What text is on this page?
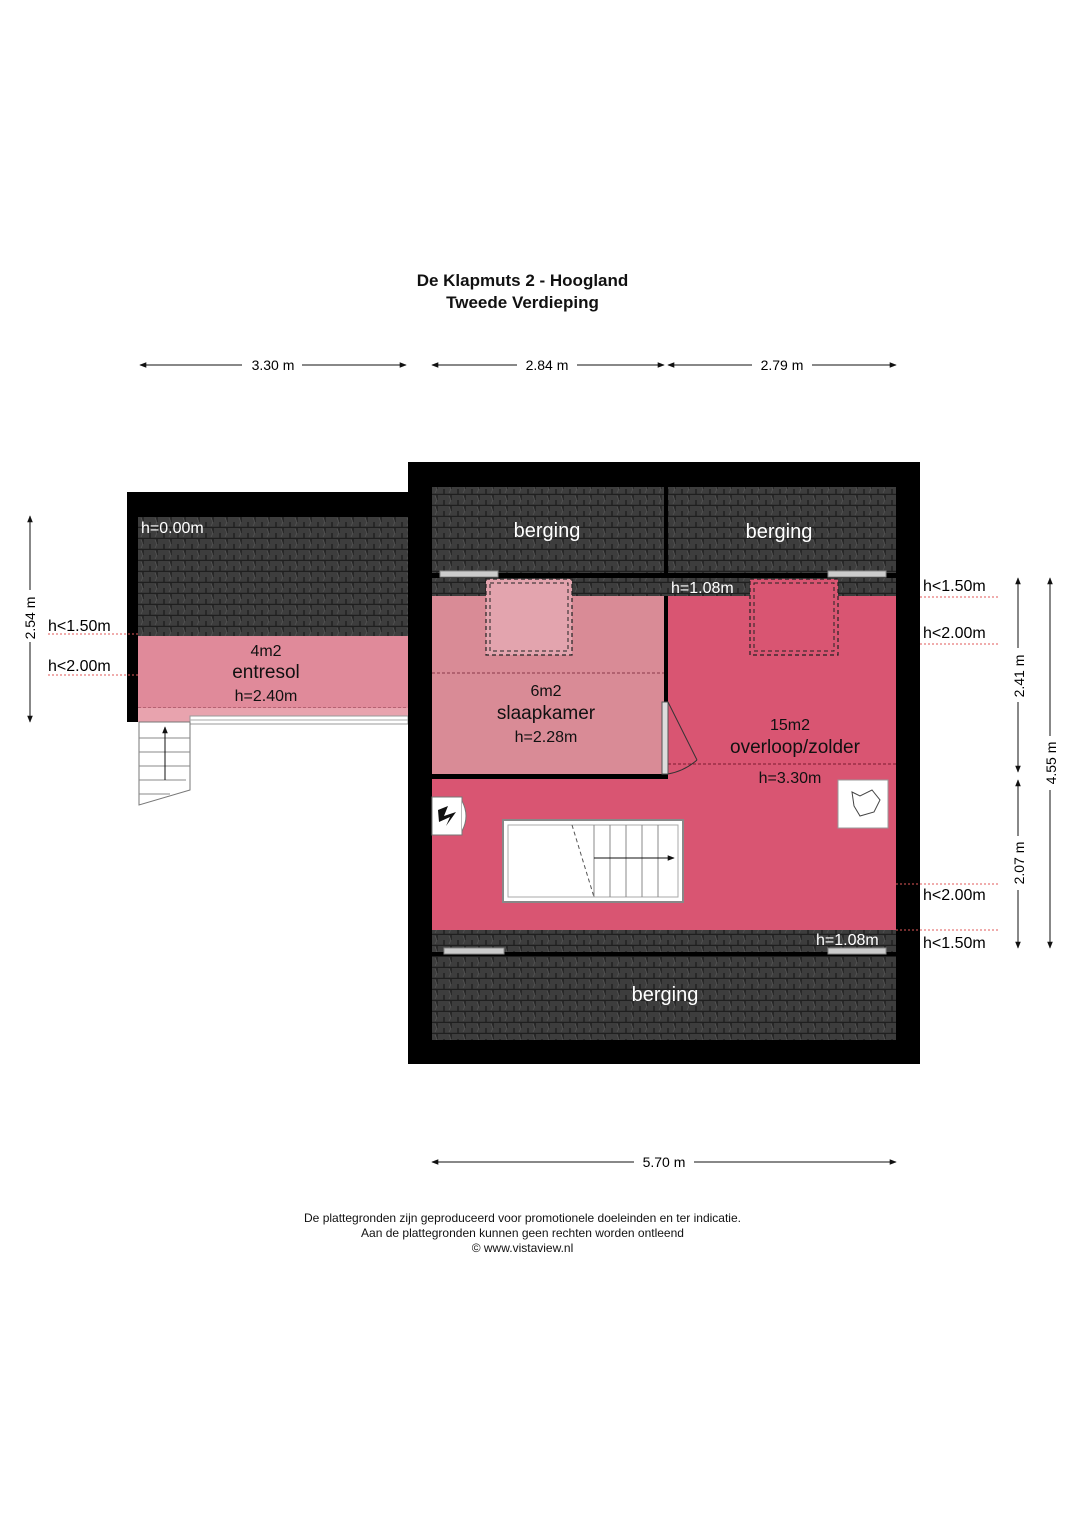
De Klapmuts 2 - Hoogland
Tweede Verdieping
3.30 m	2.84 m	2.79 m
5.70 m
2.54 m
2.41 m
2.07 m
4.55 m
h=0.00m
4m2
entresol
h=2.40m
h<1.50m
h<2.00m
berging	berging
berging
6m2
slaapkamer
h=2.28m
15m2
overloop/zolder
h=3.30m
h=1.08m
h=1.08m
h<1.50m
h<2.00m
h<2.00m
h<1.50m
De plattegronden zijn geproduceerd voor promotionele doeleinden en ter indicatie.
Aan de plattegronden kunnen geen rechten worden ontleend
© www.vistaview.nl
